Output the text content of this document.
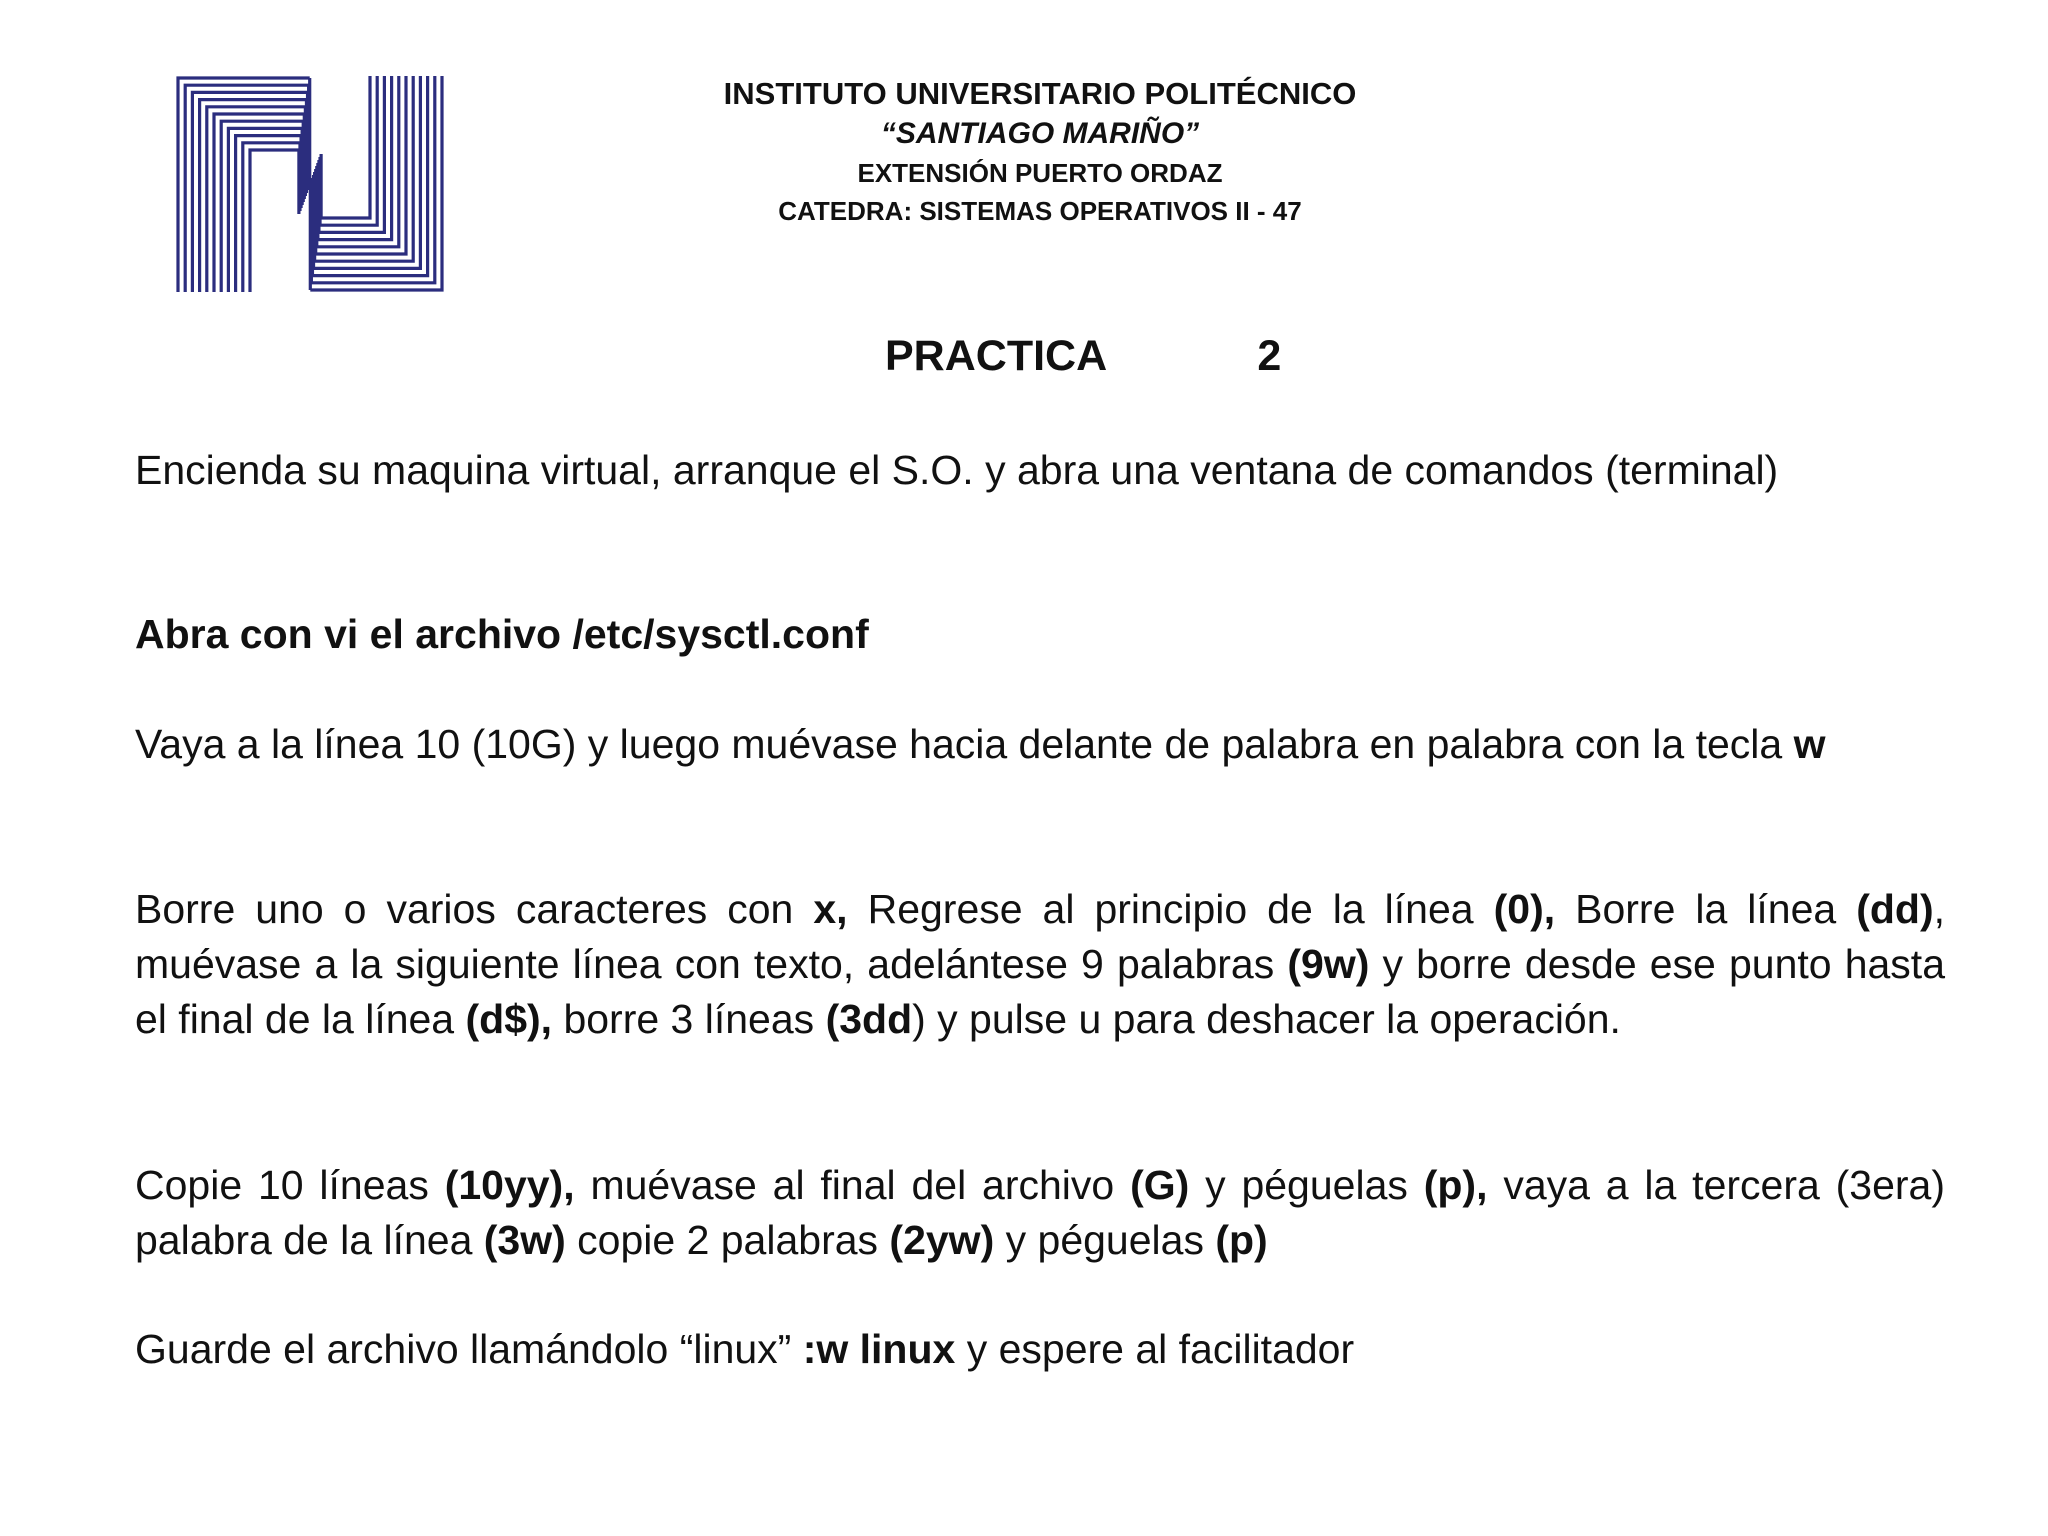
INSTITUTO UNIVERSITARIO POLITÉCNICO
“SANTIAGO MARIÑO”
EXTENSIÓN PUERTO ORDAZ
CATEDRA: SISTEMAS OPERATIVOS II - 47
PRACTICA    2
Encienda su maquina virtual, arranque el S.O. y abra una ventana de comandos (terminal)
Abra con vi el archivo /etc/sysctl.conf
Vaya a la línea 10 (10G) y luego muévase hacia delante de palabra en palabra con la tecla w
Borre uno o varios caracteres con x, Regrese al principio de la línea (0), Borre la línea (dd), muévase a la siguiente línea con texto, adelántese 9 palabras (9w) y borre desde ese punto hasta el final de la línea (d$), borre 3 líneas (3dd) y pulse u para deshacer la operación.
Copie 10 líneas (10yy), muévase al final del archivo (G) y péguelas (p), vaya a la tercera (3era) palabra de la línea (3w) copie 2 palabras (2yw) y péguelas (p)
Guarde el archivo llamándolo “linux” :w linux y espere al facilitador
